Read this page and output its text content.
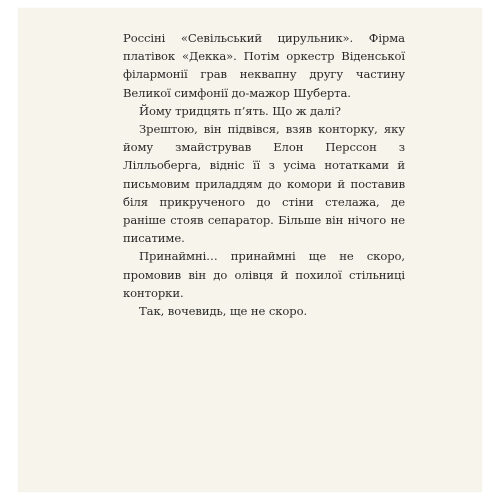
Россіні «Севільський цирульник». Фірма платівок «Декка». Потім оркестр Віденської філармонії грав неквапну другу частину Великої симфонії до-мажор Шуберта.

Йому тридцять п’ять. Що ж далі?

Зрештою, він підвівся, взяв конторку, яку йому змайстрував Елон Перссон з Лілльоберга, відніс її з усіма нотатками й письмовим приладдям до комори й поставив біля прикрученого до стіни стелажа, де раніше стояв сепаратор. Більше він нічого не писатиме.

Принаймні… принаймні ще не скоро, промовив він до олівця й похилої стільниці конторки.

Так, вочевидь, ще не скоро.
